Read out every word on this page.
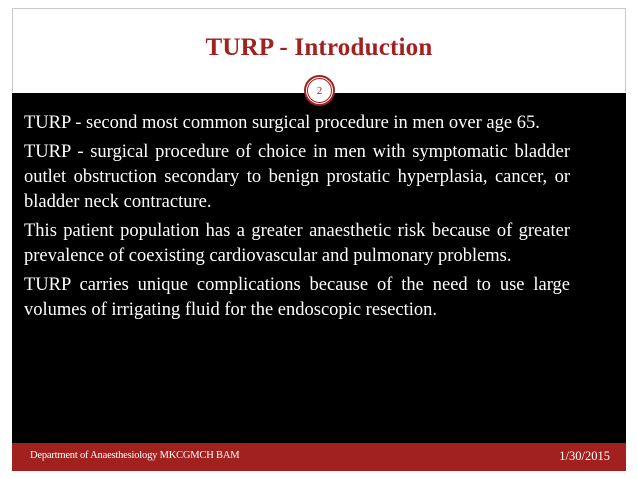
TURP - Introduction
2
TURP - second most common surgical procedure in men over age 65.
TURP - surgical procedure of choice in men with symptomatic bladder outlet obstruction secondary to benign prostatic hyperplasia, cancer, or bladder neck contracture.
This patient population has a greater anaesthetic risk because of greater prevalence of coexisting cardiovascular and pulmonary problems.
TURP carries unique complications because of the need to use large volumes of irrigating fluid for the endoscopic resection.
Department of Anaesthesiology MKCGMCH BAM	1/30/2015
